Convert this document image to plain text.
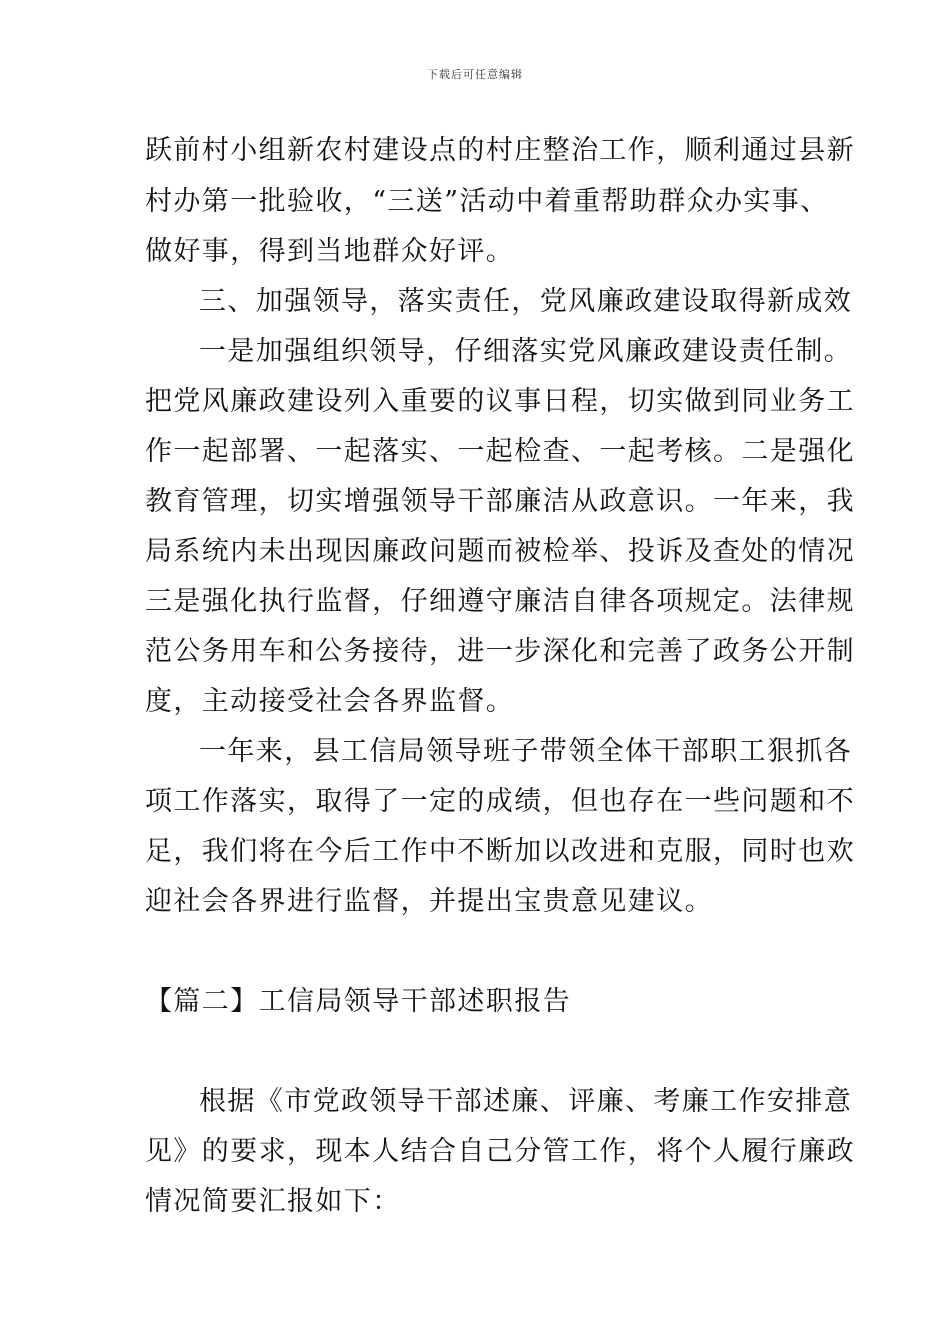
下载后可任意编辑
跃前村小组新农村建设点的村庄整治工作，顺利通过县新
村办第一批验收，“三送”活动中着重帮助群众办实事、
做好事，得到当地群众好评。
三、加强领导，落实责任，党风廉政建设取得新成效
一是加强组织领导，仔细落实党风廉政建设责任制。
把党风廉政建设列入重要的议事日程，切实做到同业务工
作一起部署、一起落实、一起检查、一起考核。二是强化
教育管理，切实增强领导干部廉洁从政意识。一年来，我
局系统内未出现因廉政问题而被检举、投诉及查处的情况
三是强化执行监督，仔细遵守廉洁自律各项规定。法律规
范公务用车和公务接待，进一步深化和完善了政务公开制
度，主动接受社会各界监督。
一年来，县工信局领导班子带领全体干部职工狠抓各
项工作落实，取得了一定的成绩，但也存在一些问题和不
足，我们将在今后工作中不断加以改进和克服，同时也欢
迎社会各界进行监督，并提出宝贵意见建议。
【篇二】工信局领导干部述职报告
根据《市党政领导干部述廉、评廉、考廉工作安排意
见》的要求，现本人结合自己分管工作，将个人履行廉政
情况简要汇报如下：
